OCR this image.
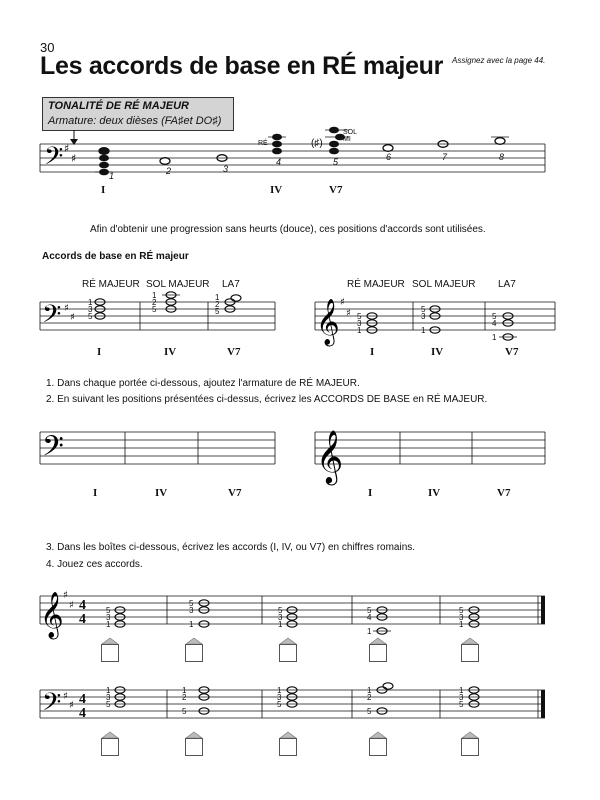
30
Les accords de base en RÉ majeur Assignez avec la page 44.
TONALITÉ DE RÉ MAJEUR
Armature: deux dièses (FA♯et DO♯)
𝄢 ♯
♯
1	2	3
4	5	6	7	8
RÉ
SOL
MI
(♯)
I	IV	V7
𝄢	𝄞
♯
♯
♯
♯
1
3
5
1
2
5
1
2
5
5
3
1
5
3
1
5
4
1
RÉ MAJEUR SOL MAJEUR LA7	RÉ MAJEUR SOL MAJEUR LA7
I	IV	V7	I	IV	V7
𝄢	𝄞
I	IV	V7	I	IV	V7
𝄞 ♯
♯ 4
4
5
3
1
5
3
1
5
3
1
5
4
1
5
3
1
𝄢 ♯
♯ 4
4
1
3
5
1
2
5
1
3
5
1
2
5
1
3
5
Afin d'obtenir une progression sans heurts (douce), ces positions d'accords sont utilisées.
Accords de base en RÉ majeur
1. Dans chaque portée ci-dessous, ajoutez l'armature de RÉ MAJEUR.
2. En suivant les positions présentées ci-dessus, écrivez les ACCORDS DE BASE en RÉ MAJEUR.
3. Dans les boîtes ci-dessous, écrivez les accords (I, IV, ou V7) en chiffres romains.
4. Jouez ces accords.
